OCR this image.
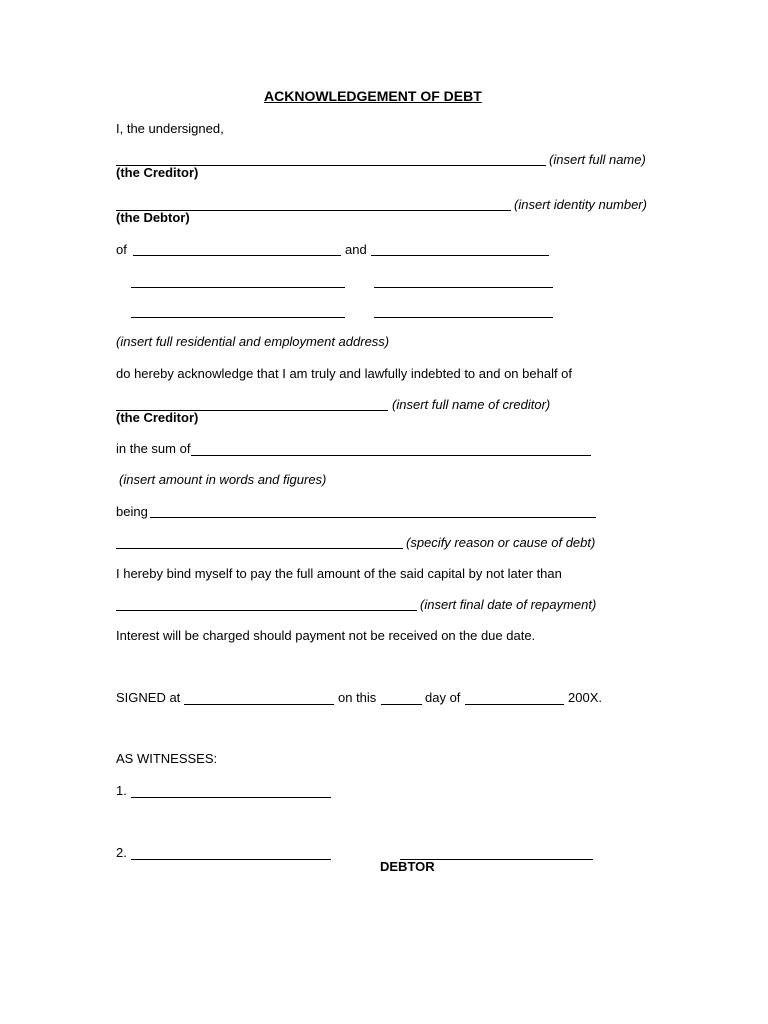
ACKNOWLEDGEMENT OF DEBT
I, the undersigned,
(insert full name)
(the Creditor)
(insert identity number)
(the Debtor)
of	and
(insert full residential and employment address)
do hereby acknowledge that I am truly and lawfully indebted to and on behalf of
(insert full name of creditor)
(the Creditor)
in the sum of
(insert amount in words and figures)
being
(specify reason or cause of debt)
I hereby bind myself to pay the full amount of the said capital by not later than
(insert final date of repayment)
Interest will be charged should payment not be received on the due date.
SIGNED at	on this	day of	200X.
AS WITNESSES:
1.
2.
DEBTOR
